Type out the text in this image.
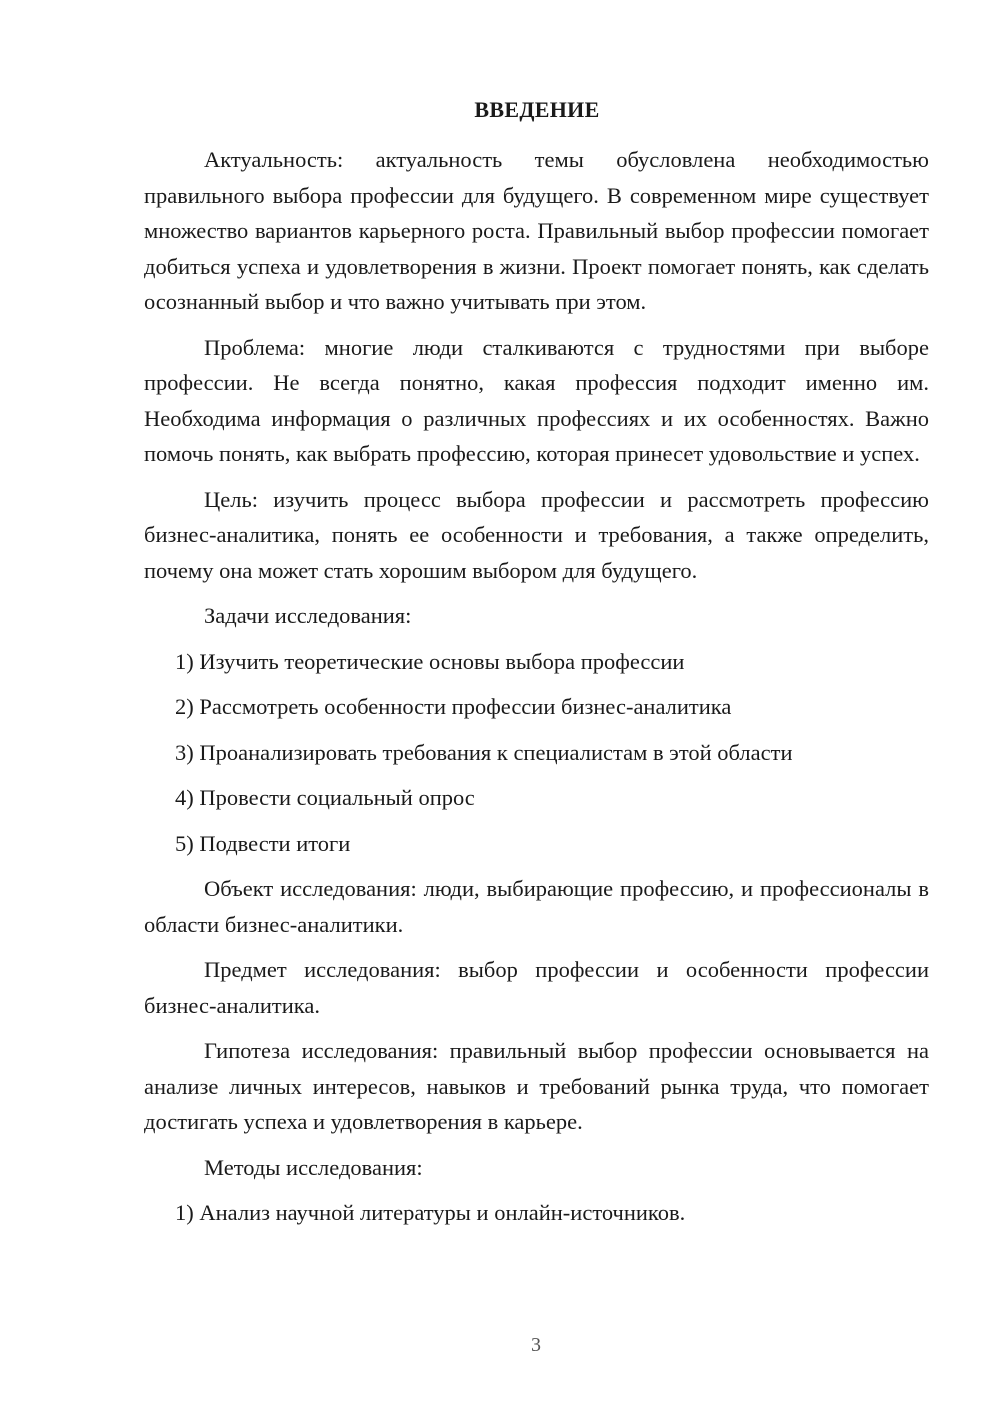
ВВЕДЕНИЕ

Актуальность: актуальность темы обусловлена необходимостью правильного выбора профессии для будущего. В современном мире существует множество вариантов карьерного роста. Правильный выбор профессии помогает добиться успеха и удовлетворения в жизни. Проект помогает понять, как сделать осознанный выбор и что важно учитывать при этом.

Проблема: многие люди сталкиваются с трудностями при выборе профессии. Не всегда понятно, какая профессия подходит именно им. Необходима информация о различных профессиях и их особенностях. Важно помочь понять, как выбрать профессию, которая принесет удовольствие и успех.

Цель: изучить процесс выбора профессии и рассмотреть профессию бизнес-аналитика, понять ее особенности и требования, а также определить, почему она может стать хорошим выбором для будущего.

Задачи исследования:

1) Изучить теоретические основы выбора профессии
2) Рассмотреть особенности профессии бизнес-аналитика
3) Проанализировать требования к специалистам в этой области
4) Провести социальный опрос
5) Подвести итоги

Объект исследования: люди, выбирающие профессию, и профессионалы в области бизнес-аналитики.

Предмет исследования: выбор профессии и особенности профессии бизнес-аналитика.

Гипотеза исследования: правильный выбор профессии основывается на анализе личных интересов, навыков и требований рынка труда, что помогает достигать успеха и удовлетворения в карьере.

Методы исследования:

1) Анализ научной литературы и онлайн-источников.
3
